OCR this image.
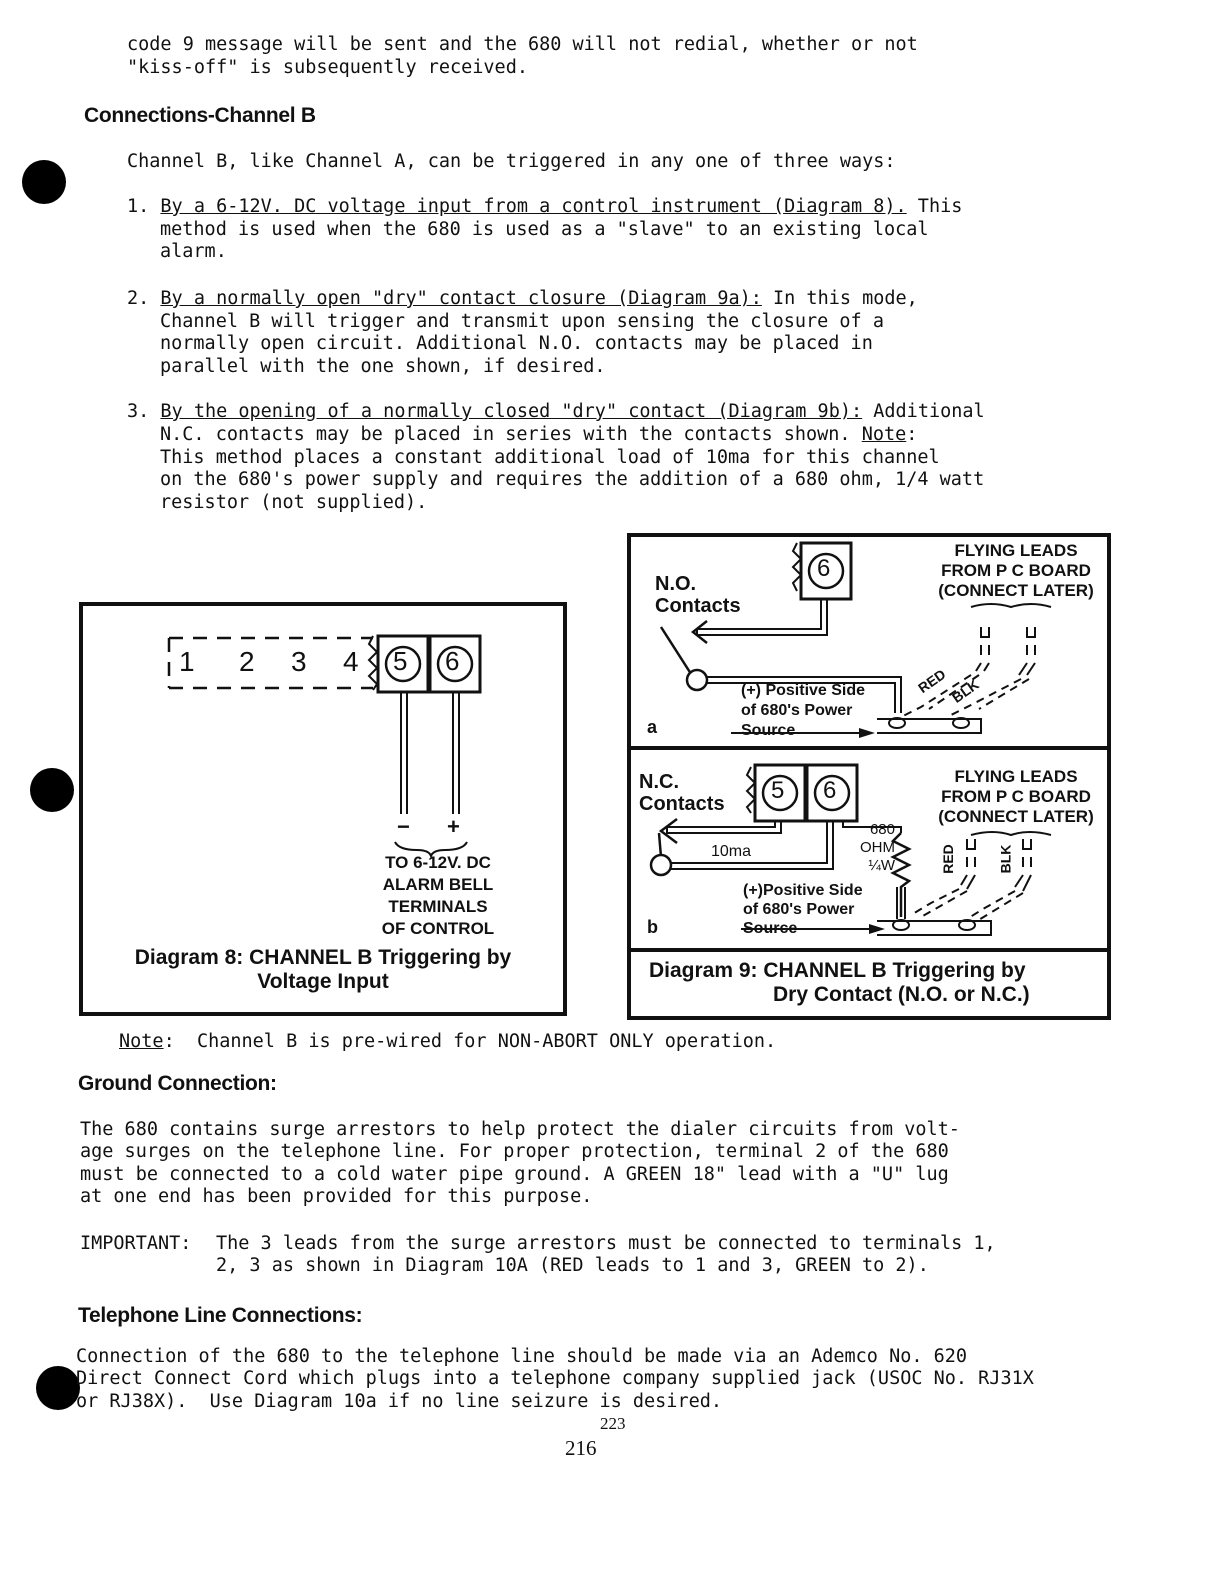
code 9 message will be sent and the 680 will not redial, whether or not
"kiss-off" is subsequently received.
Connections-Channel B
Channel B, like Channel A, can be triggered in any one of three ways:
1. By a 6-12V. DC voltage input from a control instrument (Diagram 8). This
method is used when the 680 is used as a "slave" to an existing local
alarm.
2. By a normally open "dry" contact closure (Diagram 9a): In this mode,
Channel B will trigger and transmit upon sensing the closure of a
normally open circuit. Additional N.O. contacts may be placed in
parallel with the one shown, if desired.
3. By the opening of a normally closed "dry" contact (Diagram 9b): Additional
N.C. contacts may be placed in series with the contacts shown. Note:
This method places a constant additional load of 10ma for this channel
on the 680's power supply and requires the addition of a 680 ohm, 1/4 watt
resistor (not supplied).
1 2 3 4 5 6
− +
TO 6-12V. DC
ALARM BELL
TERMINALS
OF CONTROL
Diagram 8: CHANNEL B Triggering by
Voltage Input
N.O.
Contacts
6
FLYING LEADS
FROM P C BOARD
(CONNECT LATER)
RED BLK
(+) Positive Side
of 680's Power
Source
a
N.C.
Contacts 5 6
10ma
680
OHM
¼W
FLYING LEADS
FROM P C BOARD
(CONNECT LATER)
RED	BLK
(+)Positive Side
of 680's Power
Source
b
Diagram 9: CHANNEL B Triggering by
Dry Contact (N.O. or N.C.)
Note:  Channel B is pre-wired for NON-ABORT ONLY operation.
Ground Connection:
The 680 contains surge arrestors to help protect the dialer circuits from volt-
age surges on the telephone line. For proper protection, terminal 2 of the 680
must be connected to a cold water pipe ground. A GREEN 18" lead with a "U" lug
at one end has been provided for this purpose.
IMPORTANT: The 3 leads from the surge arrestors must be connected to terminals 1,
2, 3 as shown in Diagram 10A (RED leads to 1 and 3, GREEN to 2).
Telephone Line Connections:
Connection of the 680 to the telephone line should be made via an Ademco No. 620
Direct Connect Cord which plugs into a telephone company supplied jack (USOC No. RJ31X
or RJ38X).  Use Diagram 10a if no line seizure is desired.
223
216
